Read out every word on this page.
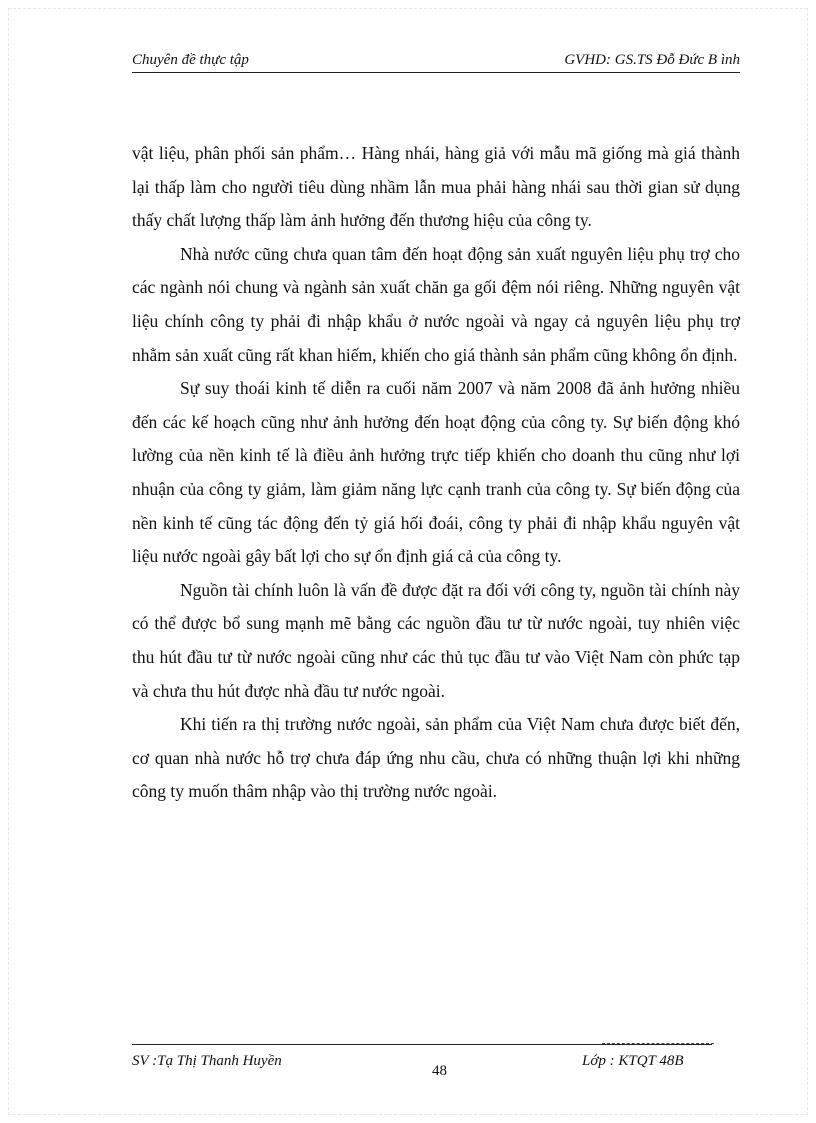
Chuyên đề thực tập	GVHD: GS.TS Đỗ Đức B ình

vật liệu, phân phối sản phẩm… Hàng nhái, hàng giả với mẫu mã giống mà giá thành lại thấp làm cho người tiêu dùng nhầm lẫn mua phải hàng nhái sau thời gian sử dụng thấy chất lượng thấp làm ảnh hưởng đến thương hiệu của công ty.

Nhà nước cũng chưa quan tâm đến hoạt động sản xuất nguyên liệu phụ trợ cho các ngành nói chung và ngành sản xuất chăn ga gối đệm nói riêng. Những nguyên vật liệu chính công ty phải đi nhập khẩu ở nước ngoài và ngay cả nguyên liệu phụ trợ nhằm sản xuất cũng rất khan hiếm, khiến cho giá thành sản phẩm cũng không ổn định.

Sự suy thoái kinh tế diễn ra cuối năm 2007 và năm 2008 đã ảnh hưởng nhiều đến các kế hoạch cũng như ảnh hưởng đến hoạt động của công ty. Sự biến động khó lường của nền kinh tế là điều ảnh hưởng trực tiếp khiến cho doanh thu cũng như lợi nhuận của công ty giảm, làm giảm năng lực cạnh tranh của công ty. Sự biến động của nền kinh tế cũng tác động đến tỷ giá hối đoái, công ty phải đi nhập khẩu nguyên vật liệu nước ngoài gây bất lợi cho sự ổn định giá cả của công ty.

Nguồn tài chính luôn là vấn đề được đặt ra đối với công ty, nguồn tài chính này có thể được bổ sung mạnh mẽ bằng các nguồn đầu tư từ nước ngoài, tuy nhiên việc thu hút đầu tư từ nước ngoài cũng như các thủ tục đầu tư vào Việt Nam còn phức tạp và chưa thu hút được nhà đầu tư nước ngoài.

Khi tiến ra thị trường nước ngoài, sản phẩm của Việt Nam chưa được biết đến, cơ quan nhà nước hỗ trợ chưa đáp ứng nhu cầu, chưa có những thuận lợi khi những công ty muốn thâm nhập vào thị trường nước ngoài.

SV :Tạ Thị Thanh Huyền
48
Lớp : KTQT 48B
